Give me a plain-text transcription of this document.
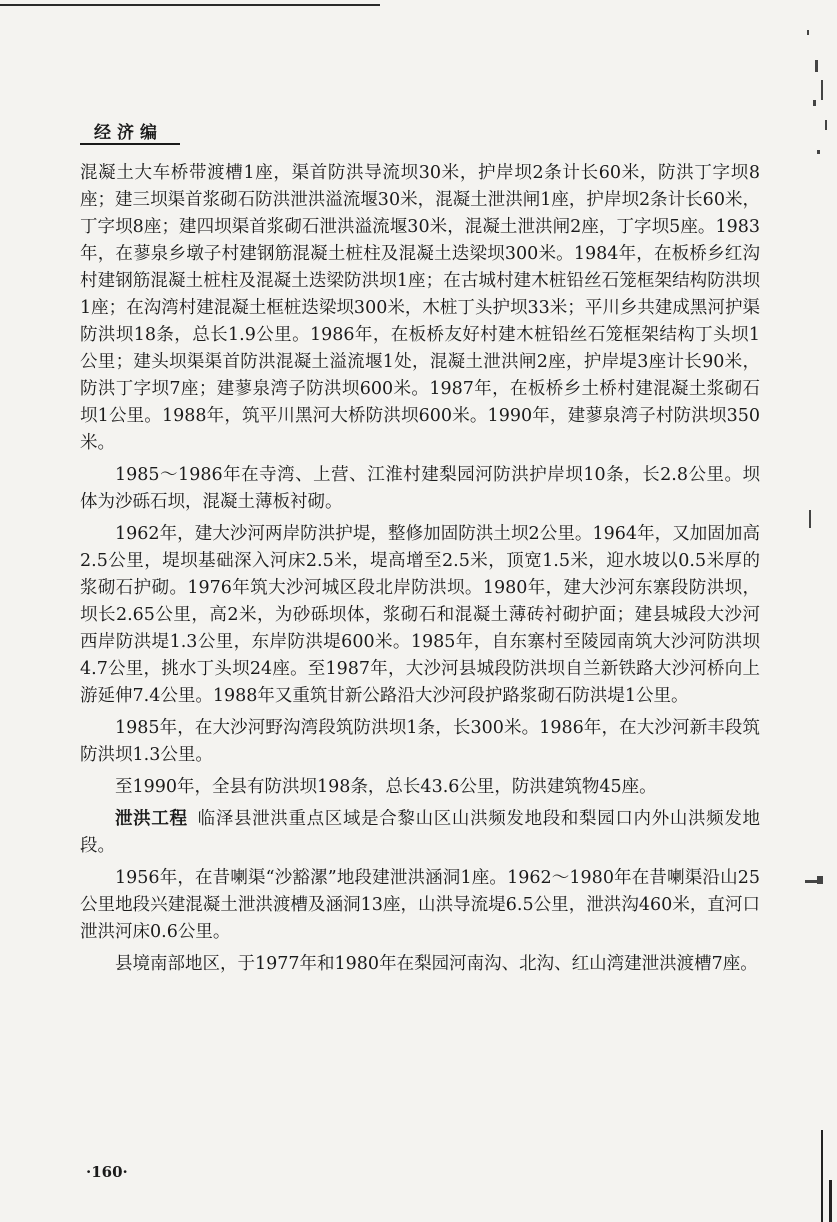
经济编

混凝土大车桥带渡槽1座，渠首防洪导流坝30米，护岸坝2条计长60米，防洪丁字坝8座；建三坝渠首浆砌石防洪泄洪溢流堰30米，混凝土泄洪闸1座，护岸坝2条计长60米，丁字坝8座；建四坝渠首浆砌石泄洪溢流堰30米，混凝土泄洪闸2座，丁字坝5座。1983年，在蓼泉乡墩子村建钢筋混凝土桩柱及混凝土迭梁坝300米。1984年，在板桥乡红沟村建钢筋混凝土桩柱及混凝土迭梁防洪坝1座；在古城村建木桩铅丝石笼框架结构防洪坝1座；在沟湾村建混凝土框桩迭梁坝300米，木桩丁头护坝33米；平川乡共建成黑河护渠防洪坝18条，总长1.9公里。1986年，在板桥友好村建木桩铅丝石笼框架结构丁头坝1公里；建头坝渠渠首防洪混凝土溢流堰1处，混凝土泄洪闸2座，护岸堤3座计长90米，防洪丁字坝7座；建蓼泉湾子防洪坝600米。1987年，在板桥乡土桥村建混凝土浆砌石坝1公里。1988年，筑平川黑河大桥防洪坝600米。1990年，建蓼泉湾子村防洪坝350米。

1985～1986年在寺湾、上营、江淮村建梨园河防洪护岸坝10条，长2.8公里。坝体为沙砾石坝，混凝土薄板衬砌。

1962年，建大沙河两岸防洪护堤，整修加固防洪土坝2公里。1964年，又加固加高2.5公里，堤坝基础深入河床2.5米，堤高增至2.5米，顶宽1.5米，迎水坡以0.5米厚的浆砌石护砌。1976年筑大沙河城区段北岸防洪坝。1980年，建大沙河东寨段防洪坝，坝长2.65公里，高2米，为砂砾坝体，浆砌石和混凝土薄砖衬砌护面；建县城段大沙河西岸防洪堤1.3公里，东岸防洪堤600米。1985年，自东寨村至陵园南筑大沙河防洪坝4.7公里，挑水丁头坝24座。至1987年，大沙河县城段防洪坝自兰新铁路大沙河桥向上游延伸7.4公里。1988年又重筑甘新公路沿大沙河段护路浆砌石防洪堤1公里。

1985年，在大沙河野沟湾段筑防洪坝1条，长300米。1986年，在大沙河新丰段筑防洪坝1.3公里。

至1990年，全县有防洪坝198条，总长43.6公里，防洪建筑物45座。

泄洪工程 临泽县泄洪重点区域是合黎山区山洪频发地段和梨园口内外山洪频发地段。

1956年，在昔喇渠“沙豁漯”地段建泄洪涵洞1座。1962～1980年在昔喇渠沿山25公里地段兴建混凝土泄洪渡槽及涵洞13座，山洪导流堤6.5公里，泄洪沟460米，直河口泄洪河床0.6公里。

县境南部地区，于1977年和1980年在梨园河南沟、北沟、红山湾建泄洪渡槽7座。

·160·
